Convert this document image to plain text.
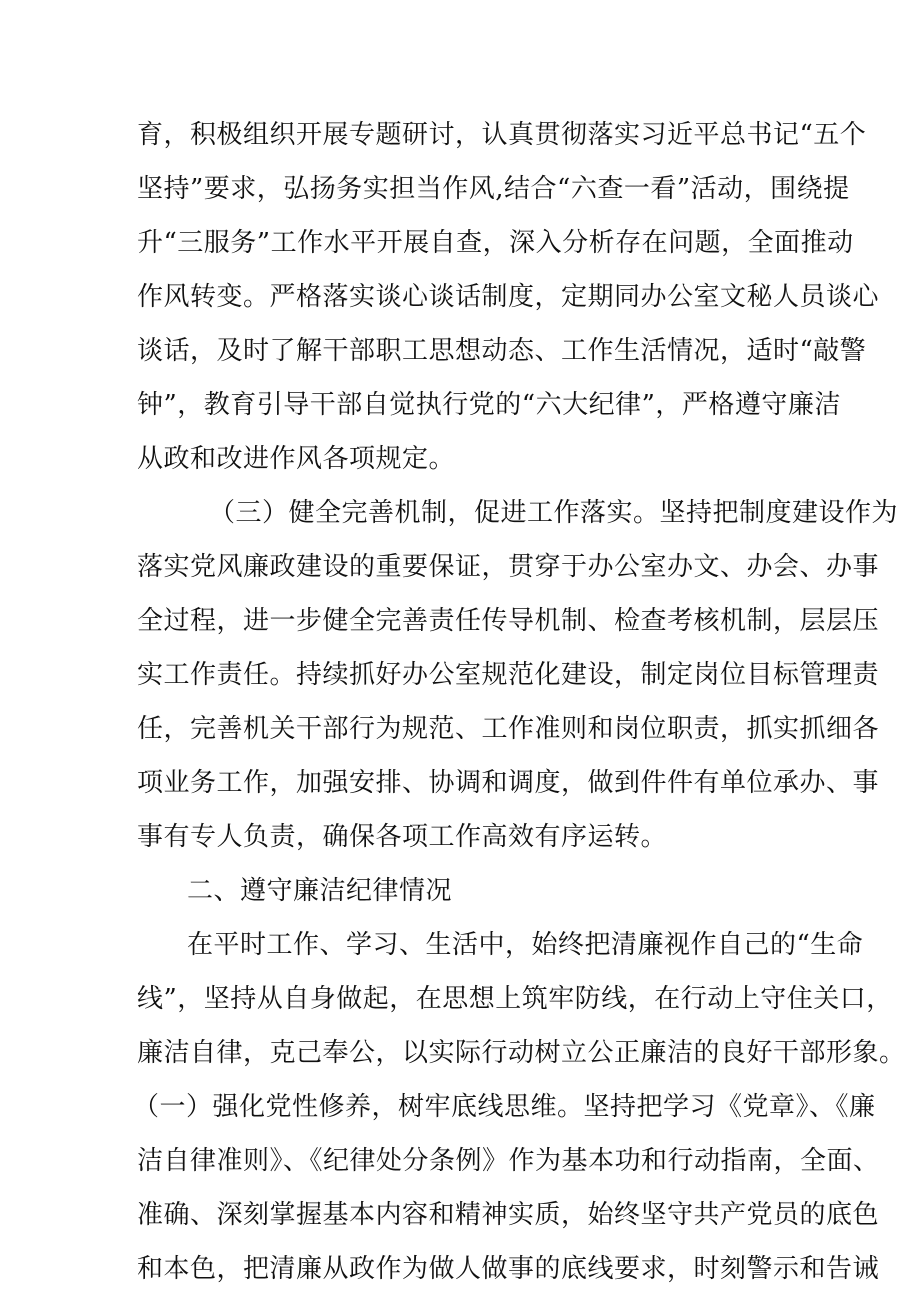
育，积极组织开展专题研讨，认真贯彻落实习近平总书记“五个
坚持”要求，弘扬务实担当作风,结合“六查一看”活动，围绕提
升“三服务”工作水平开展自查，深入分析存在问题，全面推动
作风转变。严格落实谈心谈话制度，定期同办公室文秘人员谈心
谈话，及时了解干部职工思想动态、工作生活情况，适时“敲警
钟”，教育引导干部自觉执行党的“六大纪律”，严格遵守廉洁
从政和改进作风各项规定。
（三）健全完善机制，促进工作落实。坚持把制度建设作为
落实党风廉政建设的重要保证，贯穿于办公室办文、办会、办事
全过程，进一步健全完善责任传导机制、检查考核机制，层层压
实工作责任。持续抓好办公室规范化建设，制定岗位目标管理责
任，完善机关干部行为规范、工作准则和岗位职责，抓实抓细各
项业务工作，加强安排、协调和调度，做到件件有单位承办、事
事有专人负责，确保各项工作高效有序运转。
二、遵守廉洁纪律情况
在平时工作、学习、生活中，始终把清廉视作自己的“生命
线”，坚持从自身做起，在思想上筑牢防线，在行动上守住关口，
廉洁自律，克己奉公，以实际行动树立公正廉洁的良好干部形象。
（一）强化党性修养，树牢底线思维。坚持把学习《党章》、《廉
洁自律准则》、《纪律处分条例》作为基本功和行动指南，全面、
准确、深刻掌握基本内容和精神实质，始终坚守共产党员的底色
和本色，把清廉从政作为做人做事的底线要求，时刻警示和告诫
